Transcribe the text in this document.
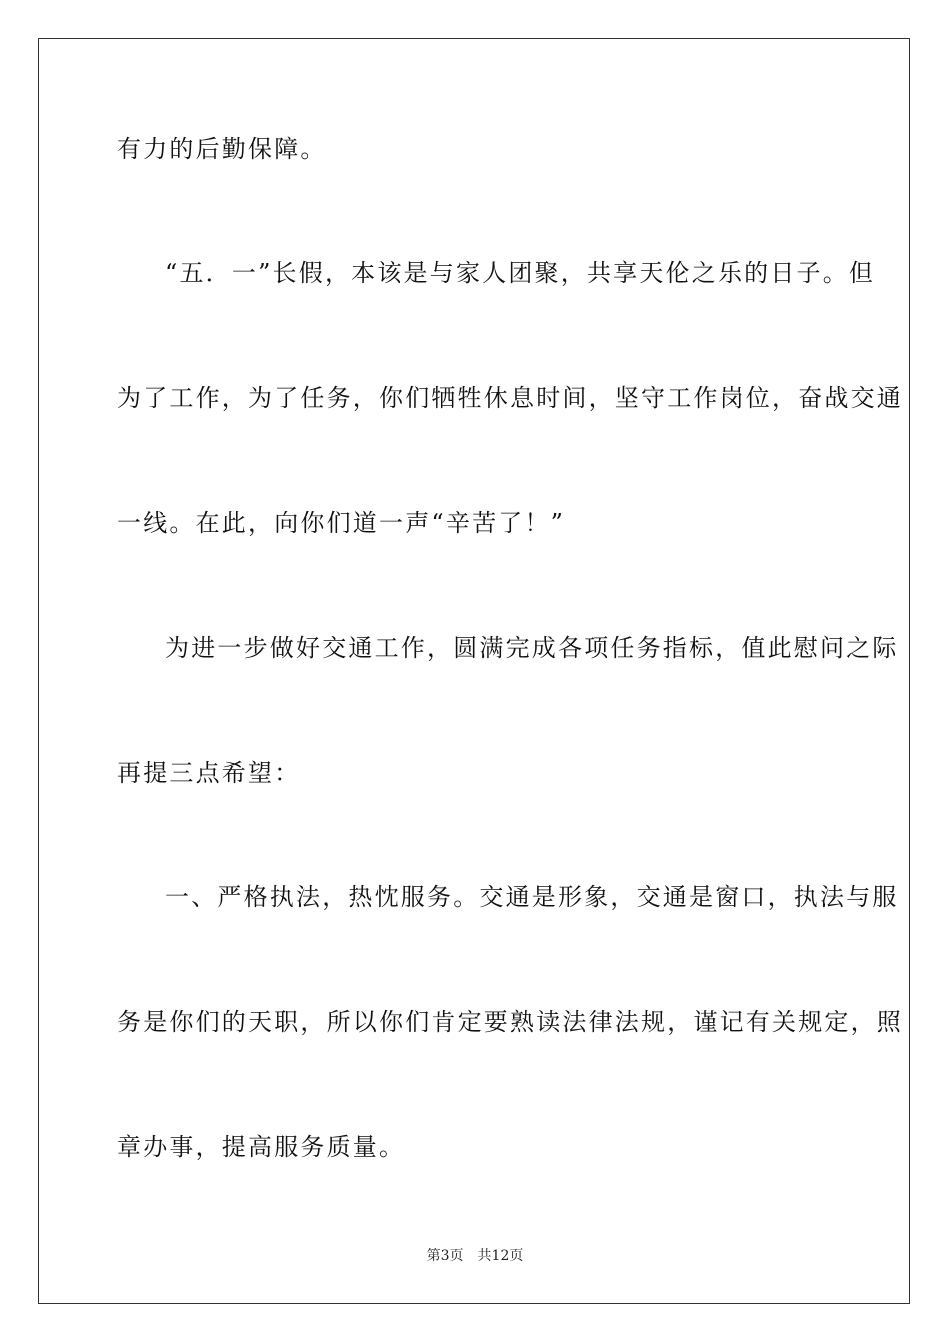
有力的后勤保障。
“五．一”长假，本该是与家人团聚，共享天伦之乐的日子。但
为了工作，为了任务，你们牺牲休息时间，坚守工作岗位，奋战交通
一线。在此，向你们道一声“辛苦了！”
为进一步做好交通工作，圆满完成各项任务指标，值此慰问之际
再提三点希望：
一、严格执法，热忱服务。交通是形象，交通是窗口，执法与服
务是你们的天职，所以你们肯定要熟读法律法规，谨记有关规定，照
章办事，提高服务质量。
第3页 共12页
